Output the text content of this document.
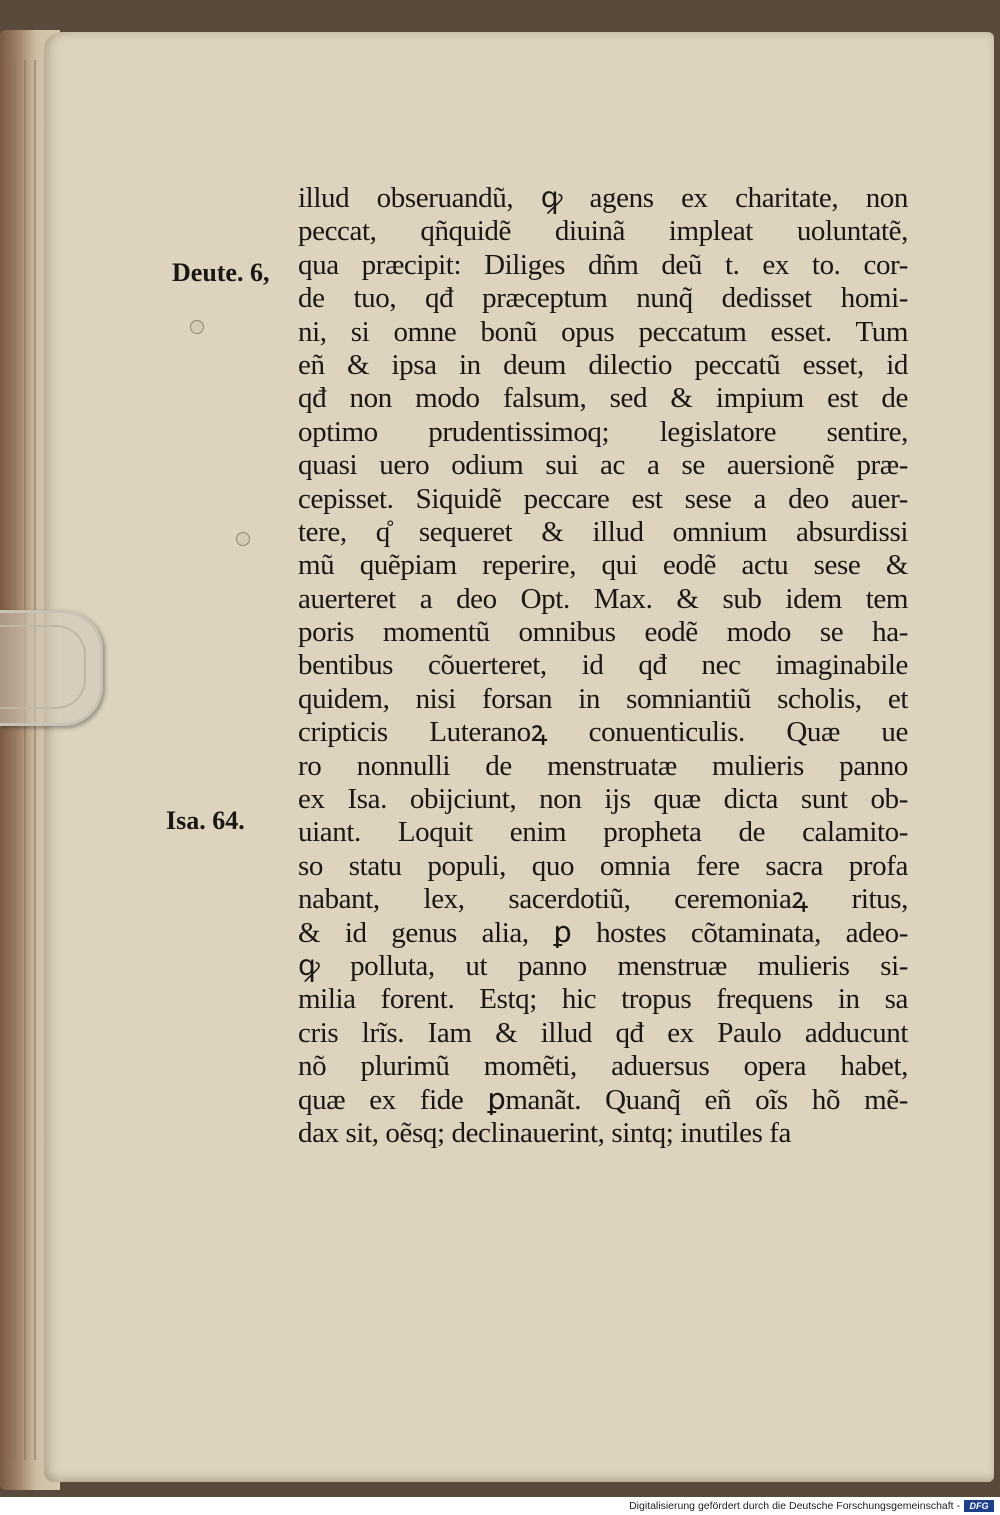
Deute. 6,
Isa. 64.
illud obseruandũ, ꝙ agens ex charitate, non
peccat, qñquidẽ diuinã impleat uoluntatẽ,
qua præcipit: Diliges dñm deũ t. ex to. cor-
de tuo, qđ præceptum nunq̃ dedisset homi-
ni, si omne bonũ opus peccatum esset. Tum
eñ & ipsa in deum dilectio peccatũ esset, id
qđ non modo falsum, sed & impium est de
optimo prudentissimoq; legislatore sentire,
quasi uero odium sui ac a se auersionẽ præ-
cepisset. Siquidẽ peccare est sese a deo auer-
tere, q̊ sequeret & illud omnium absurdissi
mũ quẽpiam reperire, qui eodẽ actu sese &
auerteret a deo Opt. Max. & sub idem tem
poris momentũ omnibus eodẽ modo se ha-
bentibus cõuerteret, id qđ nec imaginabile
quidem, nisi forsan in somniantiũ scholis, et
cripticis Luteranoꝝ conuenticulis. Quæ ue
ro nonnulli de menstruatæ mulieris panno
ex Isa. obijciunt, non ijs quæ dicta sunt ob-
uiant. Loquit enim propheta de calamito-
so statu populi, quo omnia fere sacra profa
nabant, lex, sacerdotiũ, ceremoniaꝝ ritus,
& id genus alia, ꝑ hostes cõtaminata, adeo-
ꝙ polluta, ut panno menstruæ mulieris si-
milia forent. Estq; hic tropus frequens in sa
cris lrĩs. Iam & illud qđ ex Paulo adducunt
nõ plurimũ momẽti, aduersus opera habet,
quæ ex fide ꝑmanãt. Quanq̃ eñ oĩs hõ mẽ-
dax sit, oẽsq; declinauerint, sintq; inutiles fa
Digitalisierung gefördert durch die Deutsche Forschungsgemeinschaft -	DFG
